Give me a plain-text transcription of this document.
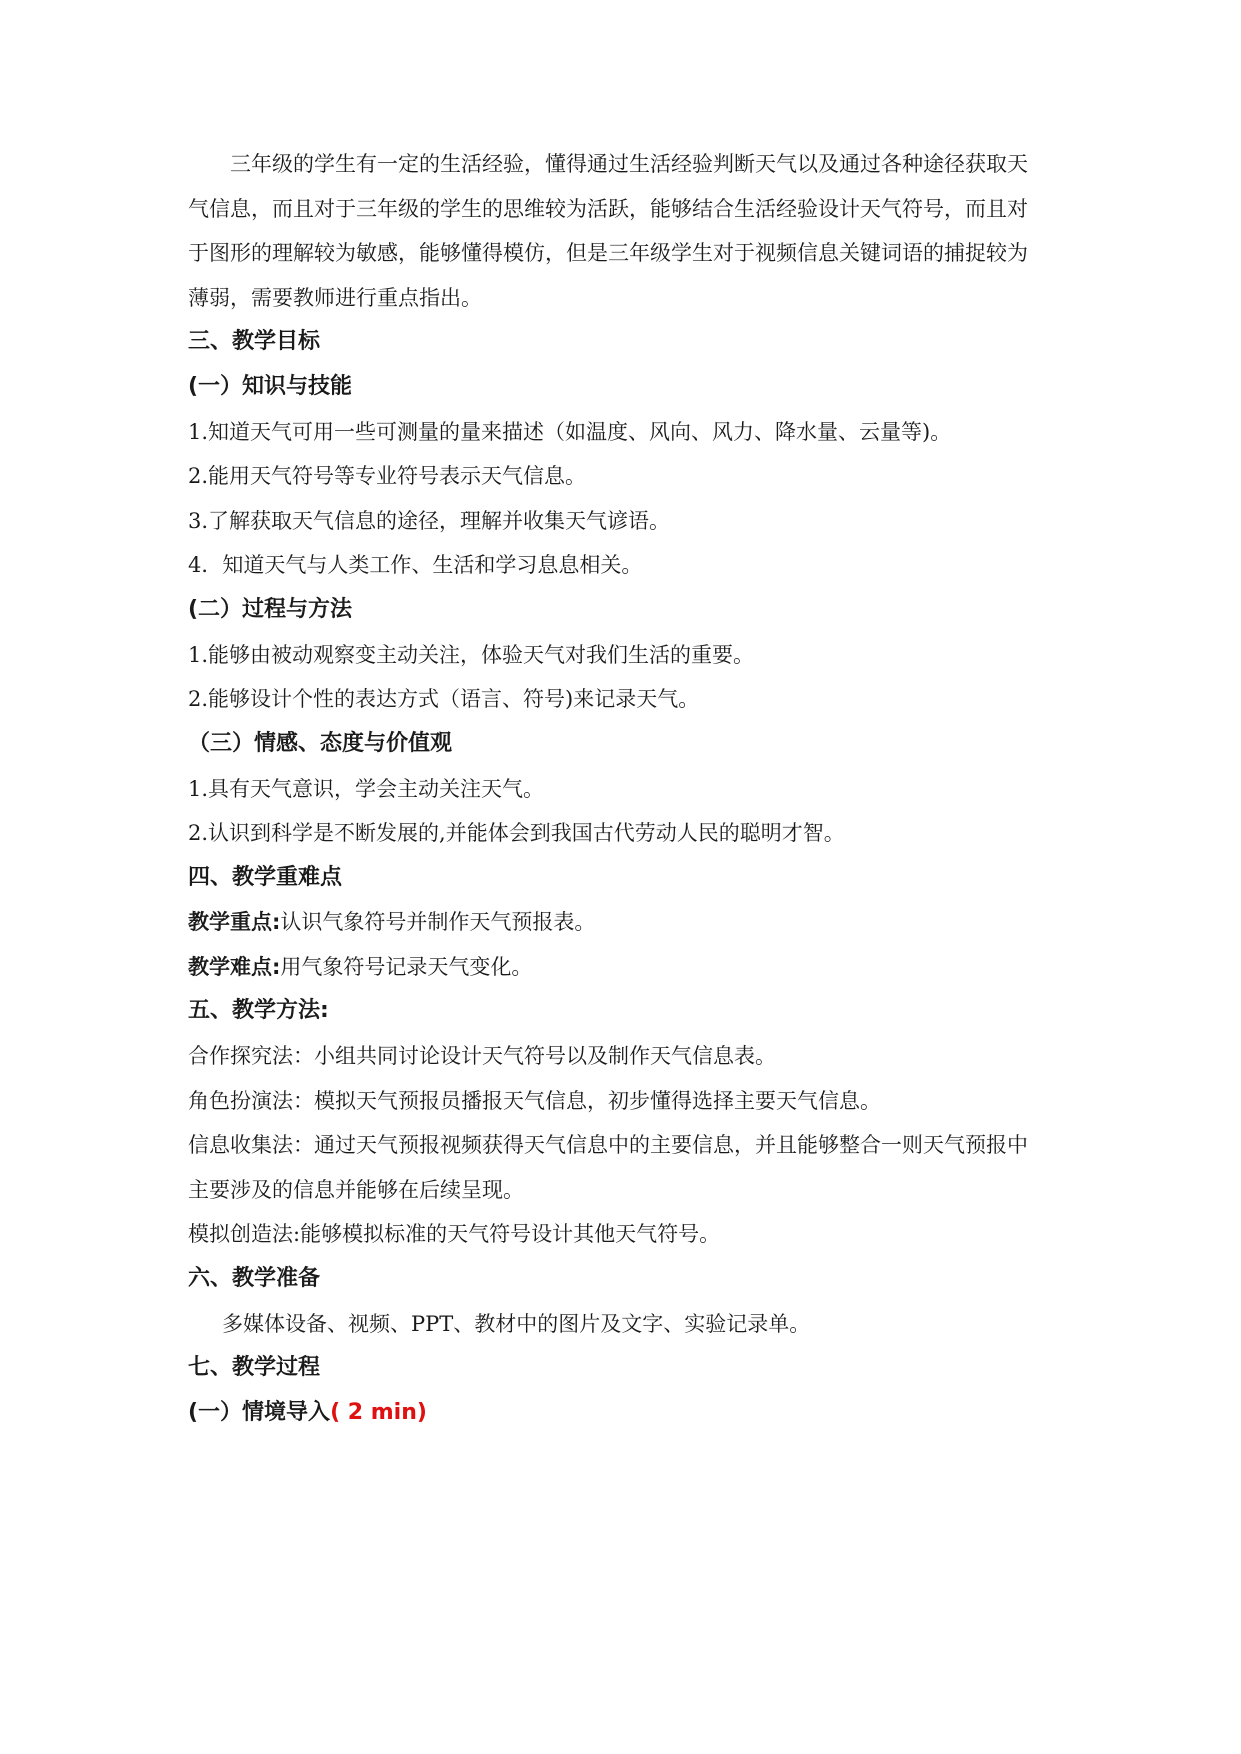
三年级的学生有一定的生活经验，懂得通过生活经验判断天气以及通过各种途径获取天
气信息，而且对于三年级的学生的思维较为活跃，能够结合生活经验设计天气符号，而且对
于图形的理解较为敏感，能够懂得模仿，但是三年级学生对于视频信息关键词语的捕捉较为
薄弱，需要教师进行重点指出。
三、教学目标
(一）知识与技能
1.知道天气可用一些可测量的量来描述（如温度、风向、风力、降水量、云量等)。
2.能用天气符号等专业符号表示天气信息。
3.了解获取天气信息的途径，理解并收集天气谚语。
4．知道天气与人类工作、生活和学习息息相关。
(二）过程与方法
1.能够由被动观察变主动关注，体验天气对我们生活的重要。
2.能够设计个性的表达方式（语言、符号)来记录天气。
（三）情感、态度与价值观
1.具有天气意识，学会主动关注天气。
2.认识到科学是不断发展的,并能体会到我国古代劳动人民的聪明才智。
四、教学重难点
教学重点:认识气象符号并制作天气预报表。
教学难点:用气象符号记录天气变化。
五、教学方法:
合作探究法：小组共同讨论设计天气符号以及制作天气信息表。
角色扮演法：模拟天气预报员播报天气信息，初步懂得选择主要天气信息。
信息收集法：通过天气预报视频获得天气信息中的主要信息，并且能够整合一则天气预报中
主要涉及的信息并能够在后续呈现。
模拟创造法:能够模拟标准的天气符号设计其他天气符号。
六、教学准备
多媒体设备、视频、PPT、教材中的图片及文字、实验记录单。
七、教学过程
(一）情境导入( 2 min)
